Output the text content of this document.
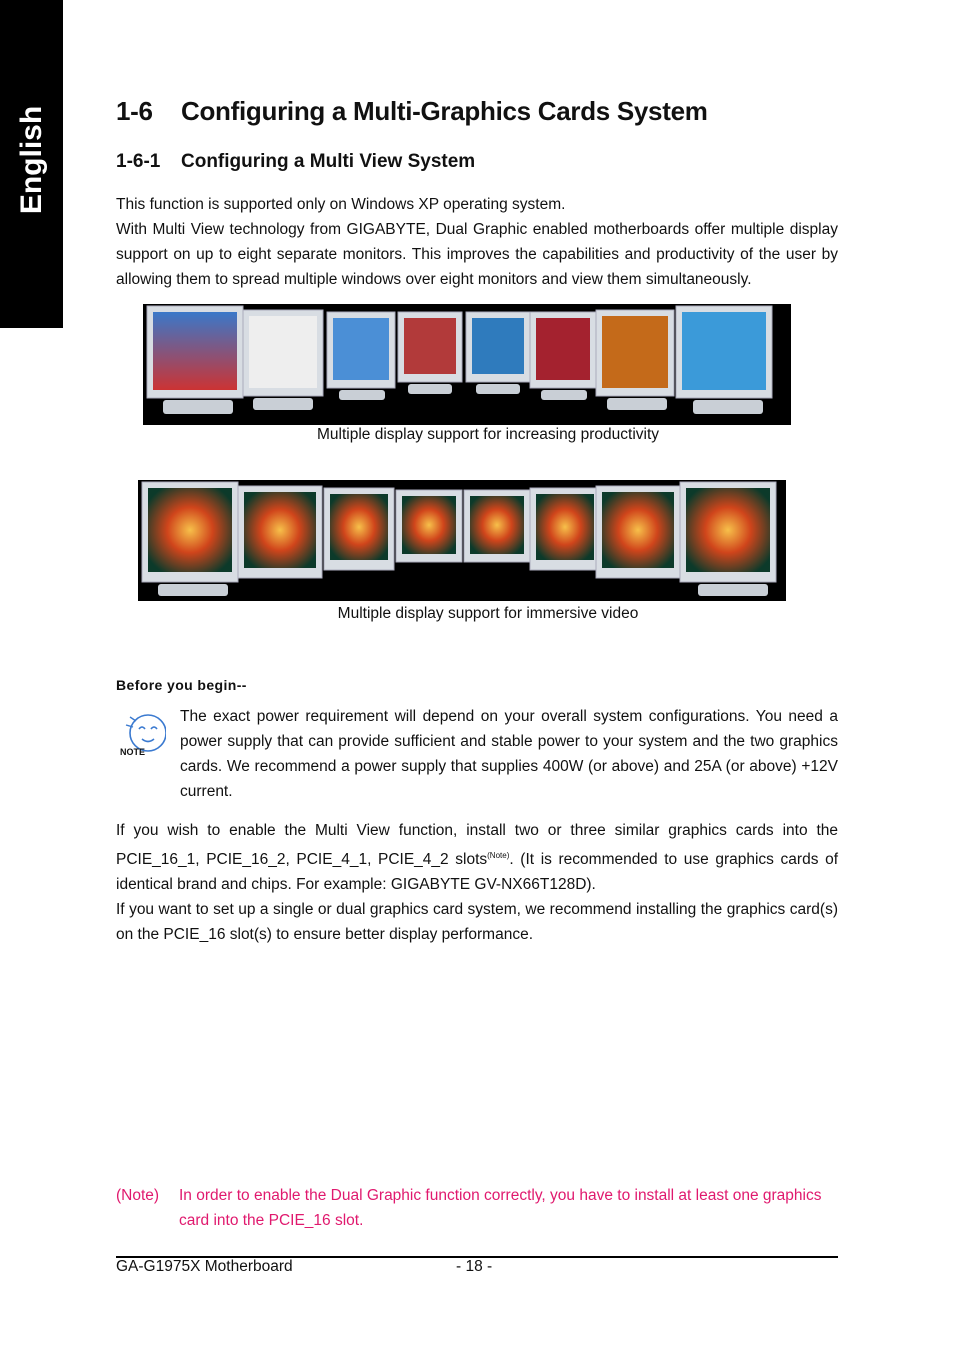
English	1-6 Configuring a Multi-Graphics Cards System
1-6-1 Configuring a Multi View System

This function is supported only on Windows XP operating system.

With Multi View technology from GIGABYTE, Dual Graphic enabled motherboards offer multiple display support on up to eight separate monitors. This improves the capabilities and productivity of the user by allowing them to spread multiple windows over eight monitors and view them simultaneously.

Multiple display support for increasing productivity
Multiple display support for immersive video
Before you begin--
NOTE

The exact power requirement will depend on your overall system configurations. You need a power supply that can provide sufficient and stable power to your system and the two graphics cards. We recommend a power supply that supplies 400W (or above) and 25A (or above) +12V current.

If you wish to enable the Multi View function, install two or three similar graphics cards into the PCIE_16_1, PCIE_16_2, PCIE_4_1, PCIE_4_2 slots$^{(Note)}$. (It is recommended to use graphics cards of identical brand and chips. For example: GIGABYTE GV-NX66T128D).

If you want to set up a single or dual graphics card system, we recommend installing the graphics card(s) on the PCIE_16 slot(s) to ensure better display performance.

(Note) In order to enable the Dual Graphic function correctly, you have to install at least one graphics card into the PCIE_16 slot.
GA-G1975X Motherboard	- 18 -
